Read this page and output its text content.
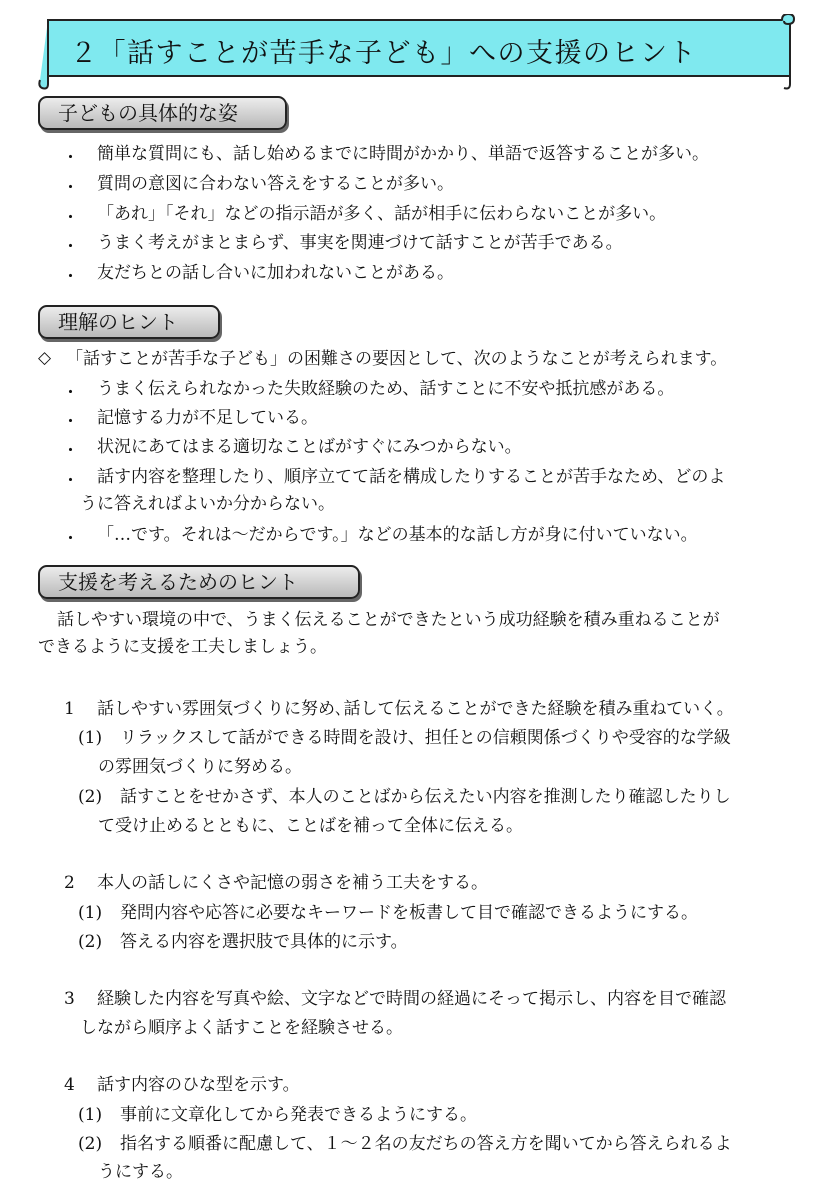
２「話すことが苦手な子ども」への支援のヒント
子どもの具体的な姿
・ 簡単な質問にも、話し始めるまでに時間がかかり、単語で返答することが多い。
・ 質問の意図に合わない答えをすることが多い。
・ 「あれ」「それ」などの指示語が多く、話が相手に伝わらないことが多い。
・ うまく考えがまとまらず、事実を関連づけて話すことが苦手である。
・ 友だちとの話し合いに加われないことがある。
理解のヒント
◇ 「話すことが苦手な子ども」の困難さの要因として、次のようなことが考えられます。
・ うまく伝えられなかった失敗経験のため、話すことに不安や抵抗感がある。
・ 記憶する力が不足している。
・ 状況にあてはまる適切なことばがすぐにみつからない。
・ 話す内容を整理したり、順序立てて話を構成したりすることが苦手なため、どのよ
うに答えればよいか分からない。
・ 「…です。それは～だからです。」などの基本的な話し方が身に付いていない。
支援を考えるためのヒント
話しやすい環境の中で、うまく伝えることができたという成功経験を積み重ねることが
できるように支援を工夫しましょう。
1 話しやすい雰囲気づくりに努め､話して伝えることができた経験を積み重ねていく。
(1) リラックスして話ができる時間を設け、担任との信頼関係づくりや受容的な学級
の雰囲気づくりに努める。
(2) 話すことをせかさず、本人のことばから伝えたい内容を推測したり確認したりし
て受け止めるとともに、ことばを補って全体に伝える。
2 本人の話しにくさや記憶の弱さを補う工夫をする。
(1) 発問内容や応答に必要なキーワードを板書して目で確認できるようにする。
(2) 答える内容を選択肢で具体的に示す。
3 経験した内容を写真や絵、文字などで時間の経過にそって掲示し、内容を目で確認
しながら順序よく話すことを経験させる。
4 話す内容のひな型を示す。
(1) 事前に文章化してから発表できるようにする。
(2) 指名する順番に配慮して、１～２名の友だちの答え方を聞いてから答えられるよ
うにする。
